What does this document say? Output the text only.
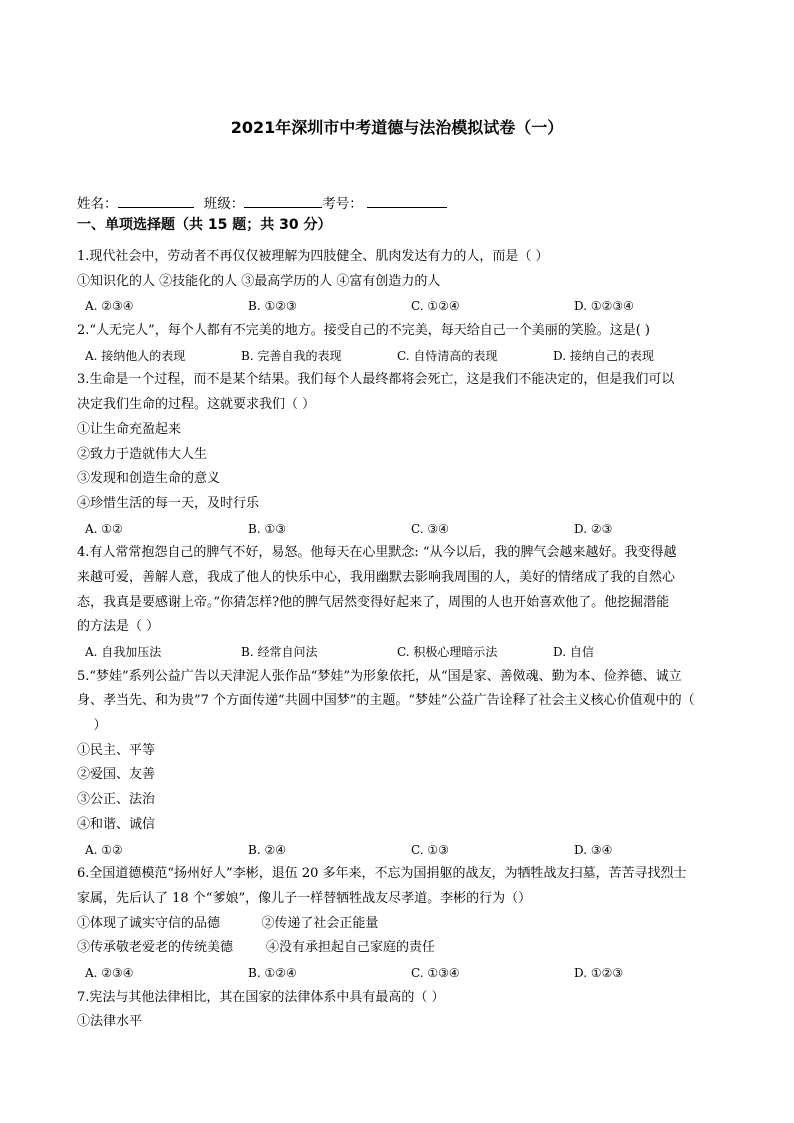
2021年深圳市中考道德与法治模拟试卷（一）
姓名：	班级：	考号：
一、单项选择题（共 15 题；共 30 分）
1.现代社会中，劳动者不再仅仅被理解为四肢健全、肌肉发达有力的人，而是（ ）
①知识化的人 ②技能化的人 ③最高学历的人 ④富有创造力的人
A. ②③④	B. ①②③	C. ①②④	D. ①②③④
2.“人无完人”，每个人都有不完美的地方。接受自己的不完美，每天给自己一个美丽的笑脸。这是( )
A. 接纳他人的表现	B. 完善自我的表现	C. 自恃清高的表现	D. 接纳自己的表现
3.生命是一个过程，而不是某个结果。我们每个人最终都将会死亡，这是我们不能决定的，但是我们可以
决定我们生命的过程。这就要求我们（ ）
①让生命充盈起来
②致力于造就伟大人生
③发现和创造生命的意义
④珍惜生活的每一天，及时行乐
A. ①②	B. ①③	C. ③④	D. ②③
4.有人常常抱怨自己的脾气不好，易怒。他每天在心里默念: “从今以后，我的脾气会越来越好。我变得越
来越可爱，善解人意，我成了他人的快乐中心，我用幽默去影响我周围的人，美好的情绪成了我的自然心
态，我真是要感谢上帝。”你猜怎样?他的脾气居然变得好起来了，周围的人也开始喜欢他了。他挖掘潜能
的方法是（ ）
A. 自我加压法	B. 经常自问法	C. 积极心理暗示法	D. 自信
5.“梦娃”系列公益广告以天津泥人张作品“梦娃”为形象依托，从“国是家、善傚魂、勤为本、俭养德、诚立
身、孝当先、和为贵”7 个方面传递“共圆中国梦”的主题。“梦娃”公益广告诠释了社会主义核心价值观中的（
）
①民主、平等
②爱国、友善
③公正、法治
④和谐、诚信
A. ①②	B. ②④	C. ①③	D. ③④
6.全国道德模范“扬州好人”李彬，退伍 20 多年来，不忘为国捐躯的战友，为牺牲战友扫墓，苦苦寻找烈士
家属，先后认了 18 个“爹娘”，像儿子一样替牺牲战友尽孝道。李彬的行为（）
①体现了诚实守信的品德          ②传递了社会正能量
③传承敬老爱老的传统美德        ④没有承担起自己家庭的责任
A. ②③④	B. ①②④	C. ①③④	D. ①②③
7.宪法与其他法律相比，其在国家的法律体系中具有最高的（ ）
①法律水平
